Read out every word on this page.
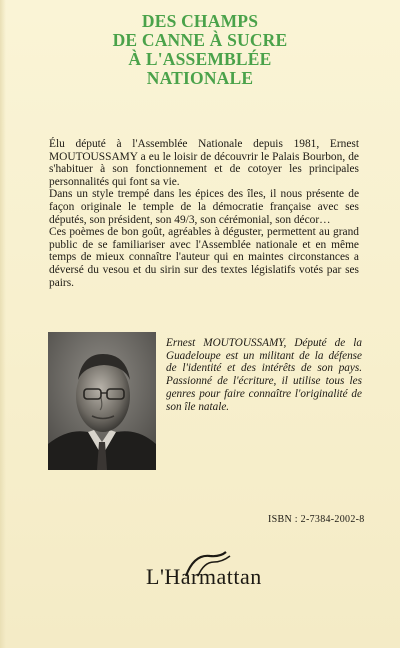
DES CHAMPS
DE CANNE À SUCRE
À L'ASSEMBLÉE
NATIONALE

Élu député à l'Assemblée Nationale depuis 1981, Ernest MOUTOUSSAMY a eu le loisir de découvrir le Palais Bourbon, de s'habituer à son fonctionnement et de cotoyer les principales personnalités qui font sa vie.

Dans un style trempé dans les épices des îles, il nous présente de façon originale le temple de la démocratie française avec ses députés, son président, son 49/3, son cérémonial, son décor…

Ces poèmes de bon goût, agréables à déguster, permettent au grand public de se familiariser avec l'Assemblée nationale et en même temps de mieux connaître l'auteur qui en maintes circonstances a déversé du vesou et du sirin sur des textes législatifs votés par ses pairs.

Ernest MOUTOUSSAMY, Député de la Guadeloupe est un militant de la défense de l'identité et des intérêts de son pays. Passionné de l'écriture, il utilise tous les genres pour faire connaître l'originalité de son île natale.
ISBN : 2-7384-2002-8
L'Harmattan
